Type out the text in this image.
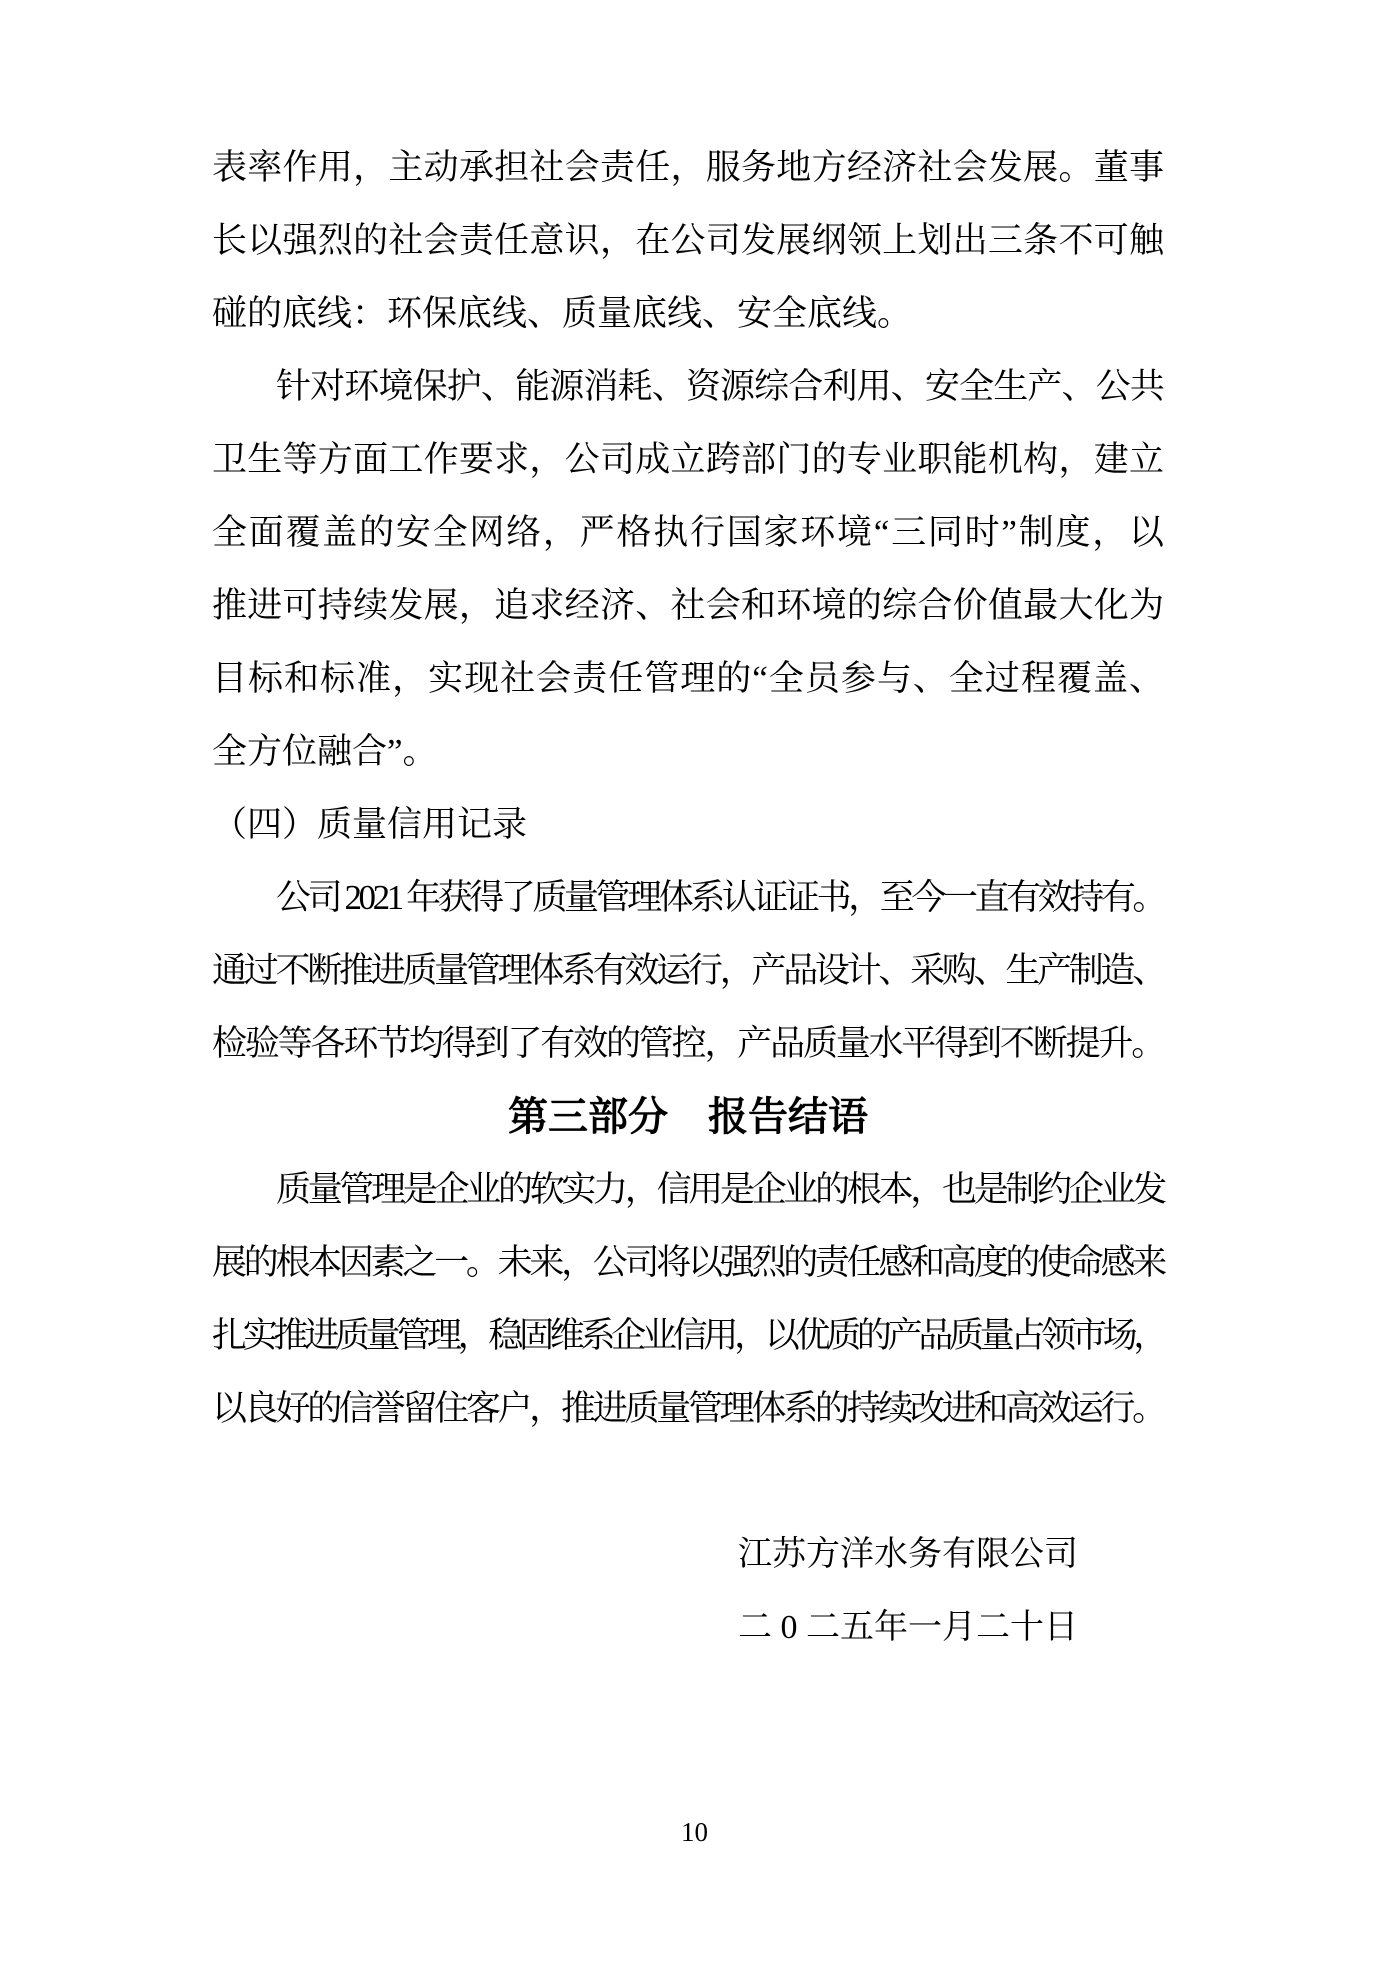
表率作用，主动承担社会责任，服务地方经济社会发展。董事
长以强烈的社会责任意识，在公司发展纲领上划出三条不可触
碰的底线：环保底线、质量底线、安全底线。
针对环境保护、能源消耗、资源综合利用、安全生产、公共
卫生等方面工作要求，公司成立跨部门的专业职能机构，建立
全面覆盖的安全网络，严格执行国家环境“三同时”制度，以
推进可持续发展，追求经济、社会和环境的综合价值最大化为
目标和标准，实现社会责任管理的“全员参与、全过程覆盖、
全方位融合”。
（四）质量信用记录
公司 2021 年获得了质量管理体系认证证书，至今一直有效持有。
通过不断推进质量管理体系有效运行，产品设计、采购、生产制造、
检验等各环节均得到了有效的管控，产品质量水平得到不断提升。
第三部分　报告结语
质量管理是企业的软实力，信用是企业的根本，也是制约企业发
展的根本因素之一。未来，公司将以强烈的责任感和高度的使命感来
扎实推进质量管理，稳固维系企业信用，以优质的产品质量占领市场，
以良好的信誉留住客户，推进质量管理体系的持续改进和高效运行。
江苏方洋水务有限公司
二 0 二五年一月二十日
10
